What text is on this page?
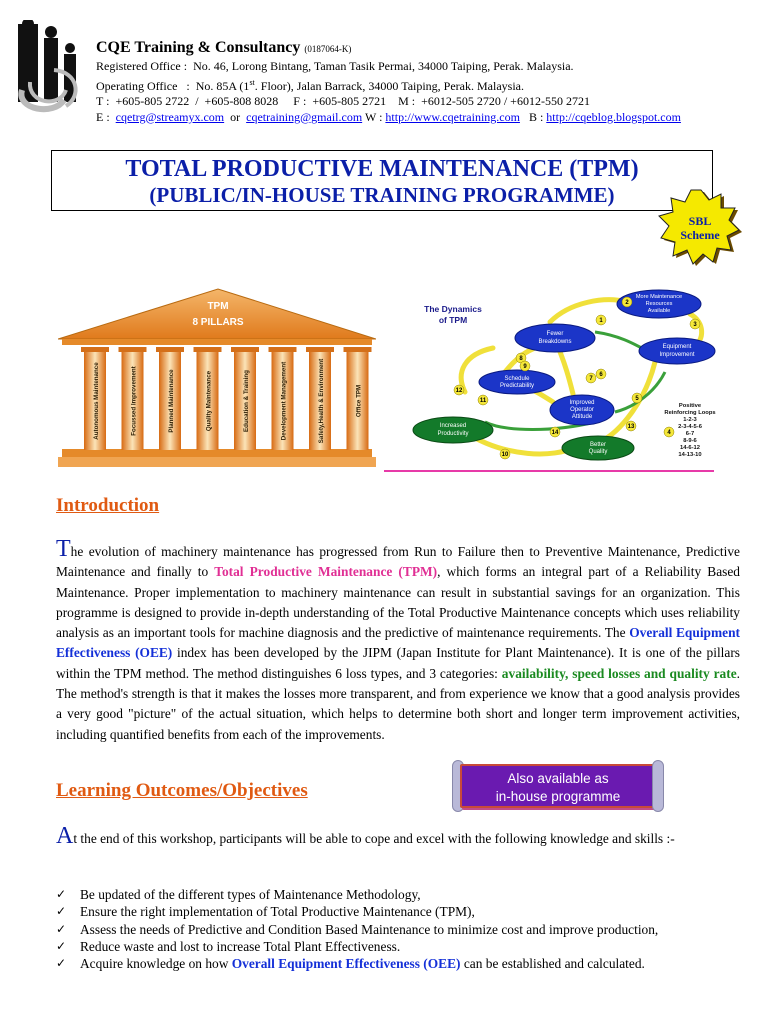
CQE Training & Consultancy (0187064-K)
Registered Office :  No. 46, Lorong Bintang, Taman Tasik Permai, 34000 Taiping, Perak. Malaysia.
Operating Office   :  No. 85A (1st. Floor), Jalan Barrack, 34000 Taiping, Perak. Malaysia.
T :  +605-805 2722  /  +605-808 8028     F :  +605-805 2721    M :  +6012-505 2720 / +6012-550 2721
E : cqetrg@streamyx.com or cqetraining@gmail.com W : http://www.cqetraining.com B : http://cqeblog.blogspot.com
TOTAL PRODUCTIVE MAINTENANCE (TPM)
(PUBLIC/IN-HOUSE TRAINING PROGRAMME)
SBL
Scheme
TPM
8 PILLARS
Autonomous Maintenance	Focussed Improvement	Planned Maintenance	Quality Maintenance	Education & Training	Development Management	Safety,Health & Environment	Office TPM
The Dynamics
of TPM
More Maintenance
Resources
Available
Fewer
Breakdowns
Equipment
Improvement
Schedule
Predictability
Improved
Operator
Attitude
Increased
Productivity
Better
Quality
1
2
3
4
5
6
7
8
9
10
11
12
13
14
Positive
Reinforcing Loops
1-2-3
2-3-4-5-6
6-7
8-9-6
14-6-12
14-13-10
Introduction
The evolution of machinery maintenance has progressed from Run to Failure then to Preventive Maintenance, Predictive Maintenance and finally to Total Productive Maintenance (TPM), which forms an integral part of a Reliability Based Maintenance. Proper implementation to machinery maintenance can result in substantial savings for an organization. This programme is designed to provide in-depth understanding of the Total Productive Maintenance concepts which uses reliability analysis as an important tools for machine diagnosis and the predictive of maintenance requirements. The Overall Equipment Effectiveness (OEE) index has been developed by the JIPM (Japan Institute for Plant Maintenance). It is one of the pillars within the TPM method. The method distinguishes 6 loss types, and 3 categories: availability, speed losses and quality rate. The method's strength is that it makes the losses more transparent, and from experience we know that a good analysis provides a very good "picture" of the actual situation, which helps to determine both short and longer term improvement activities, including quantified benefits from each of the improvements.
Also available as
in-house programme
Learning Outcomes/Objectives
At the end of this workshop, participants will be able to cope and excel with the following knowledge and skills :-
✓ Be updated of the different types of Maintenance Methodology,
✓ Ensure the right implementation of Total Productive Maintenance (TPM),
✓ Assess the needs of Predictive and Condition Based Maintenance to minimize cost and improve production,
✓ Reduce waste and lost to increase Total Plant Effectiveness.
✓ Acquire knowledge on how Overall Equipment Effectiveness (OEE) can be established and calculated.
